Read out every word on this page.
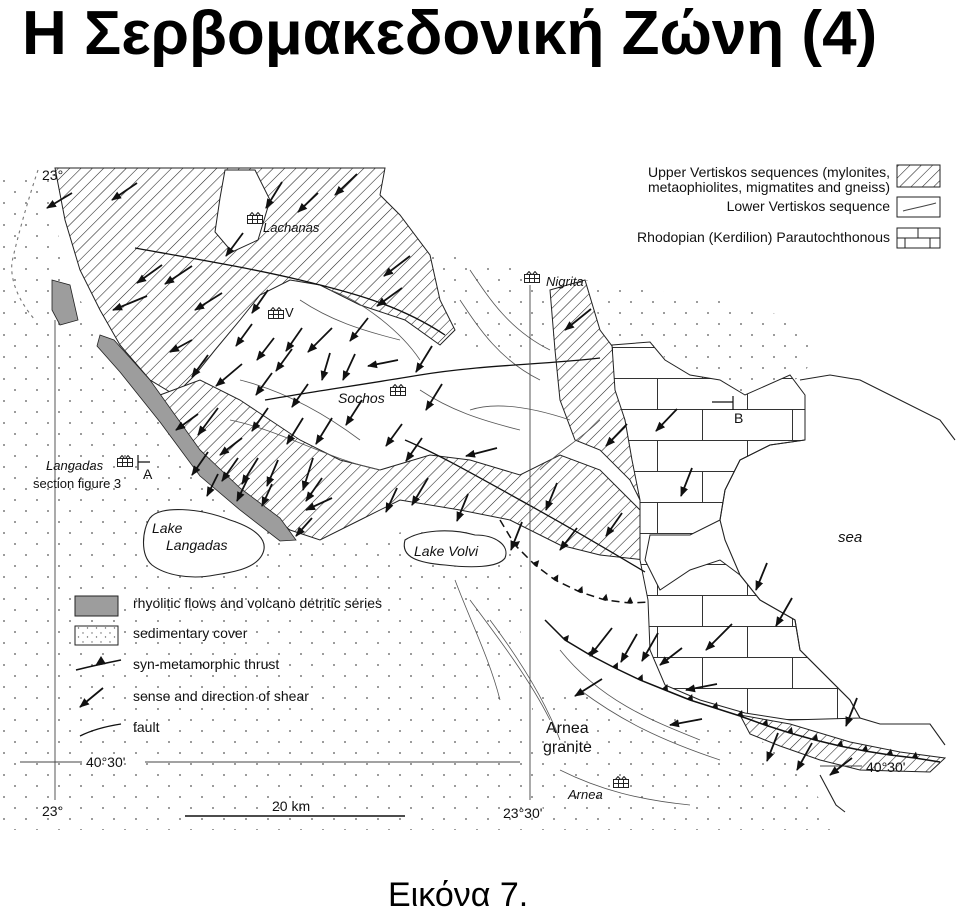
Η Σερβομακεδονική Ζώνη (4)
Lachanas
Nigrita
V
Sochos
B
A
Langadas
section figure 3
Lake
Langadas	Lake Volvi
sea
Arnea
granite
Arnea
23°
40°30'	40°30'
23°	23°30'
20 km
Upper Vertiskos sequences (mylonites,
metaophiolites, migmatites and gneiss)
Lower Vertiskos sequence
Rhodopian (Kerdilion) Parautochthonous
rhyolitic flows and volcano detritic series
sedimentary cover
syn-metamorphic thrust
sense and direction of shear
fault
Εικόνα 7.
